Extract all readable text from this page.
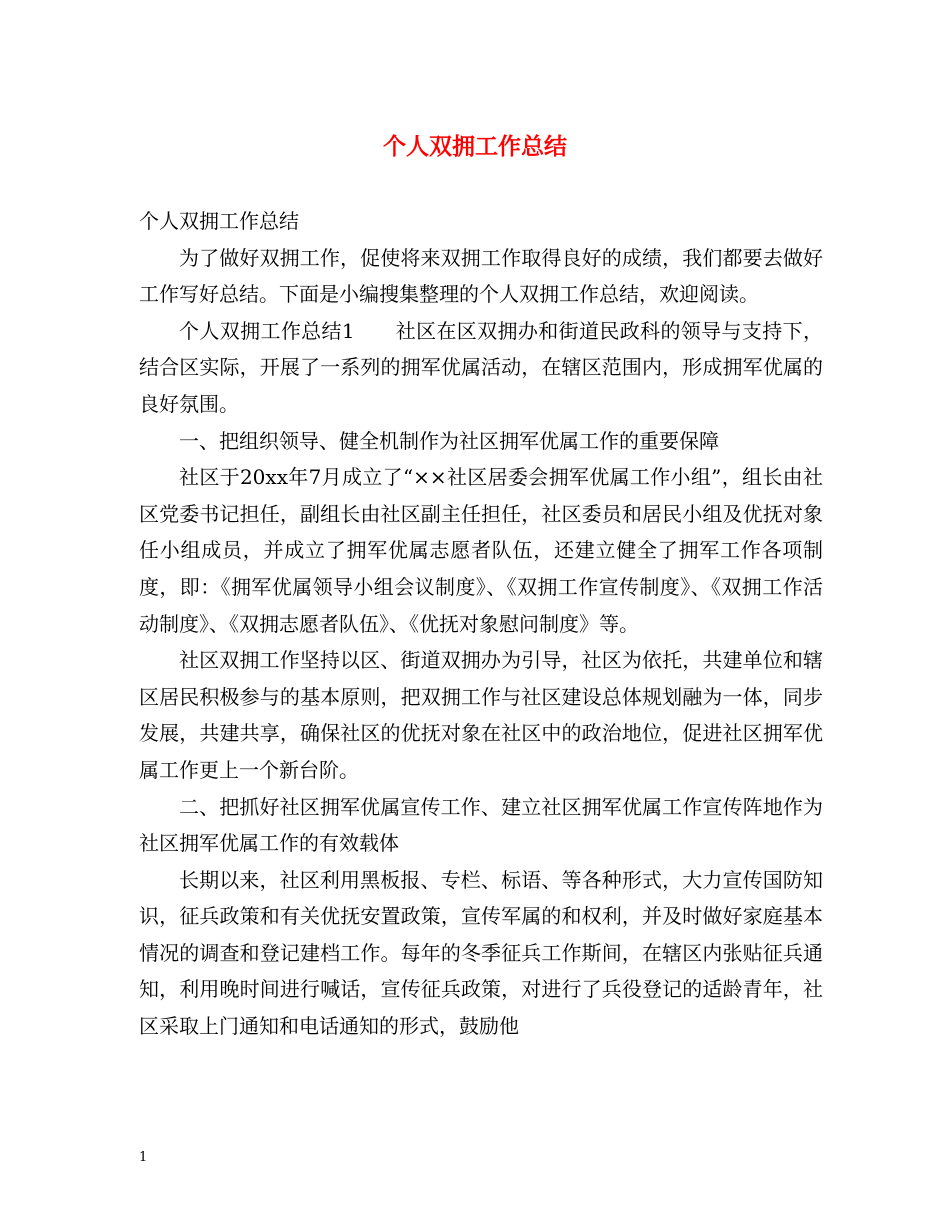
个人双拥工作总结

个人双拥工作总结

为了做好双拥工作，促使将来双拥工作取得良好的成绩，我们都要去做好工作写好总结。下面是小编搜集整理的个人双拥工作总结，欢迎阅读。

个人双拥工作总结1　　社区在区双拥办和街道民政科的领导与支持下，结合区实际，开展了一系列的拥军优属活动，在辖区范围内，形成拥军优属的良好氛围。

一、把组织领导、健全机制作为社区拥军优属工作的重要保障

社区于20xx年7月成立了“××社区居委会拥军优属工作小组”，组长由社区党委书记担任，副组长由社区副主任担任，社区委员和居民小组及优抚对象任小组成员，并成立了拥军优属志愿者队伍，还建立健全了拥军工作各项制度，即：《拥军优属领导小组会议制度》、《双拥工作宣传制度》、《双拥工作活动制度》、《双拥志愿者队伍》、《优抚对象慰问制度》等。

社区双拥工作坚持以区、街道双拥办为引导，社区为依托，共建单位和辖区居民积极参与的基本原则，把双拥工作与社区建设总体规划融为一体，同步发展，共建共享，确保社区的优抚对象在社区中的政治地位，促进社区拥军优属工作更上一个新台阶。

二、把抓好社区拥军优属宣传工作、建立社区拥军优属工作宣传阵地作为社区拥军优属工作的有效载体

长期以来，社区利用黑板报、专栏、标语、等各种形式，大力宣传国防知识，征兵政策和有关优抚安置政策，宣传军属的和权利，并及时做好家庭基本情况的调查和登记建档工作。每年的冬季征兵工作斯间，在辖区内张贴征兵通知，利用晚时间进行喊话，宣传征兵政策，对进行了兵役登记的适龄青年，社区采取上门通知和电话通知的形式，鼓励他

1
